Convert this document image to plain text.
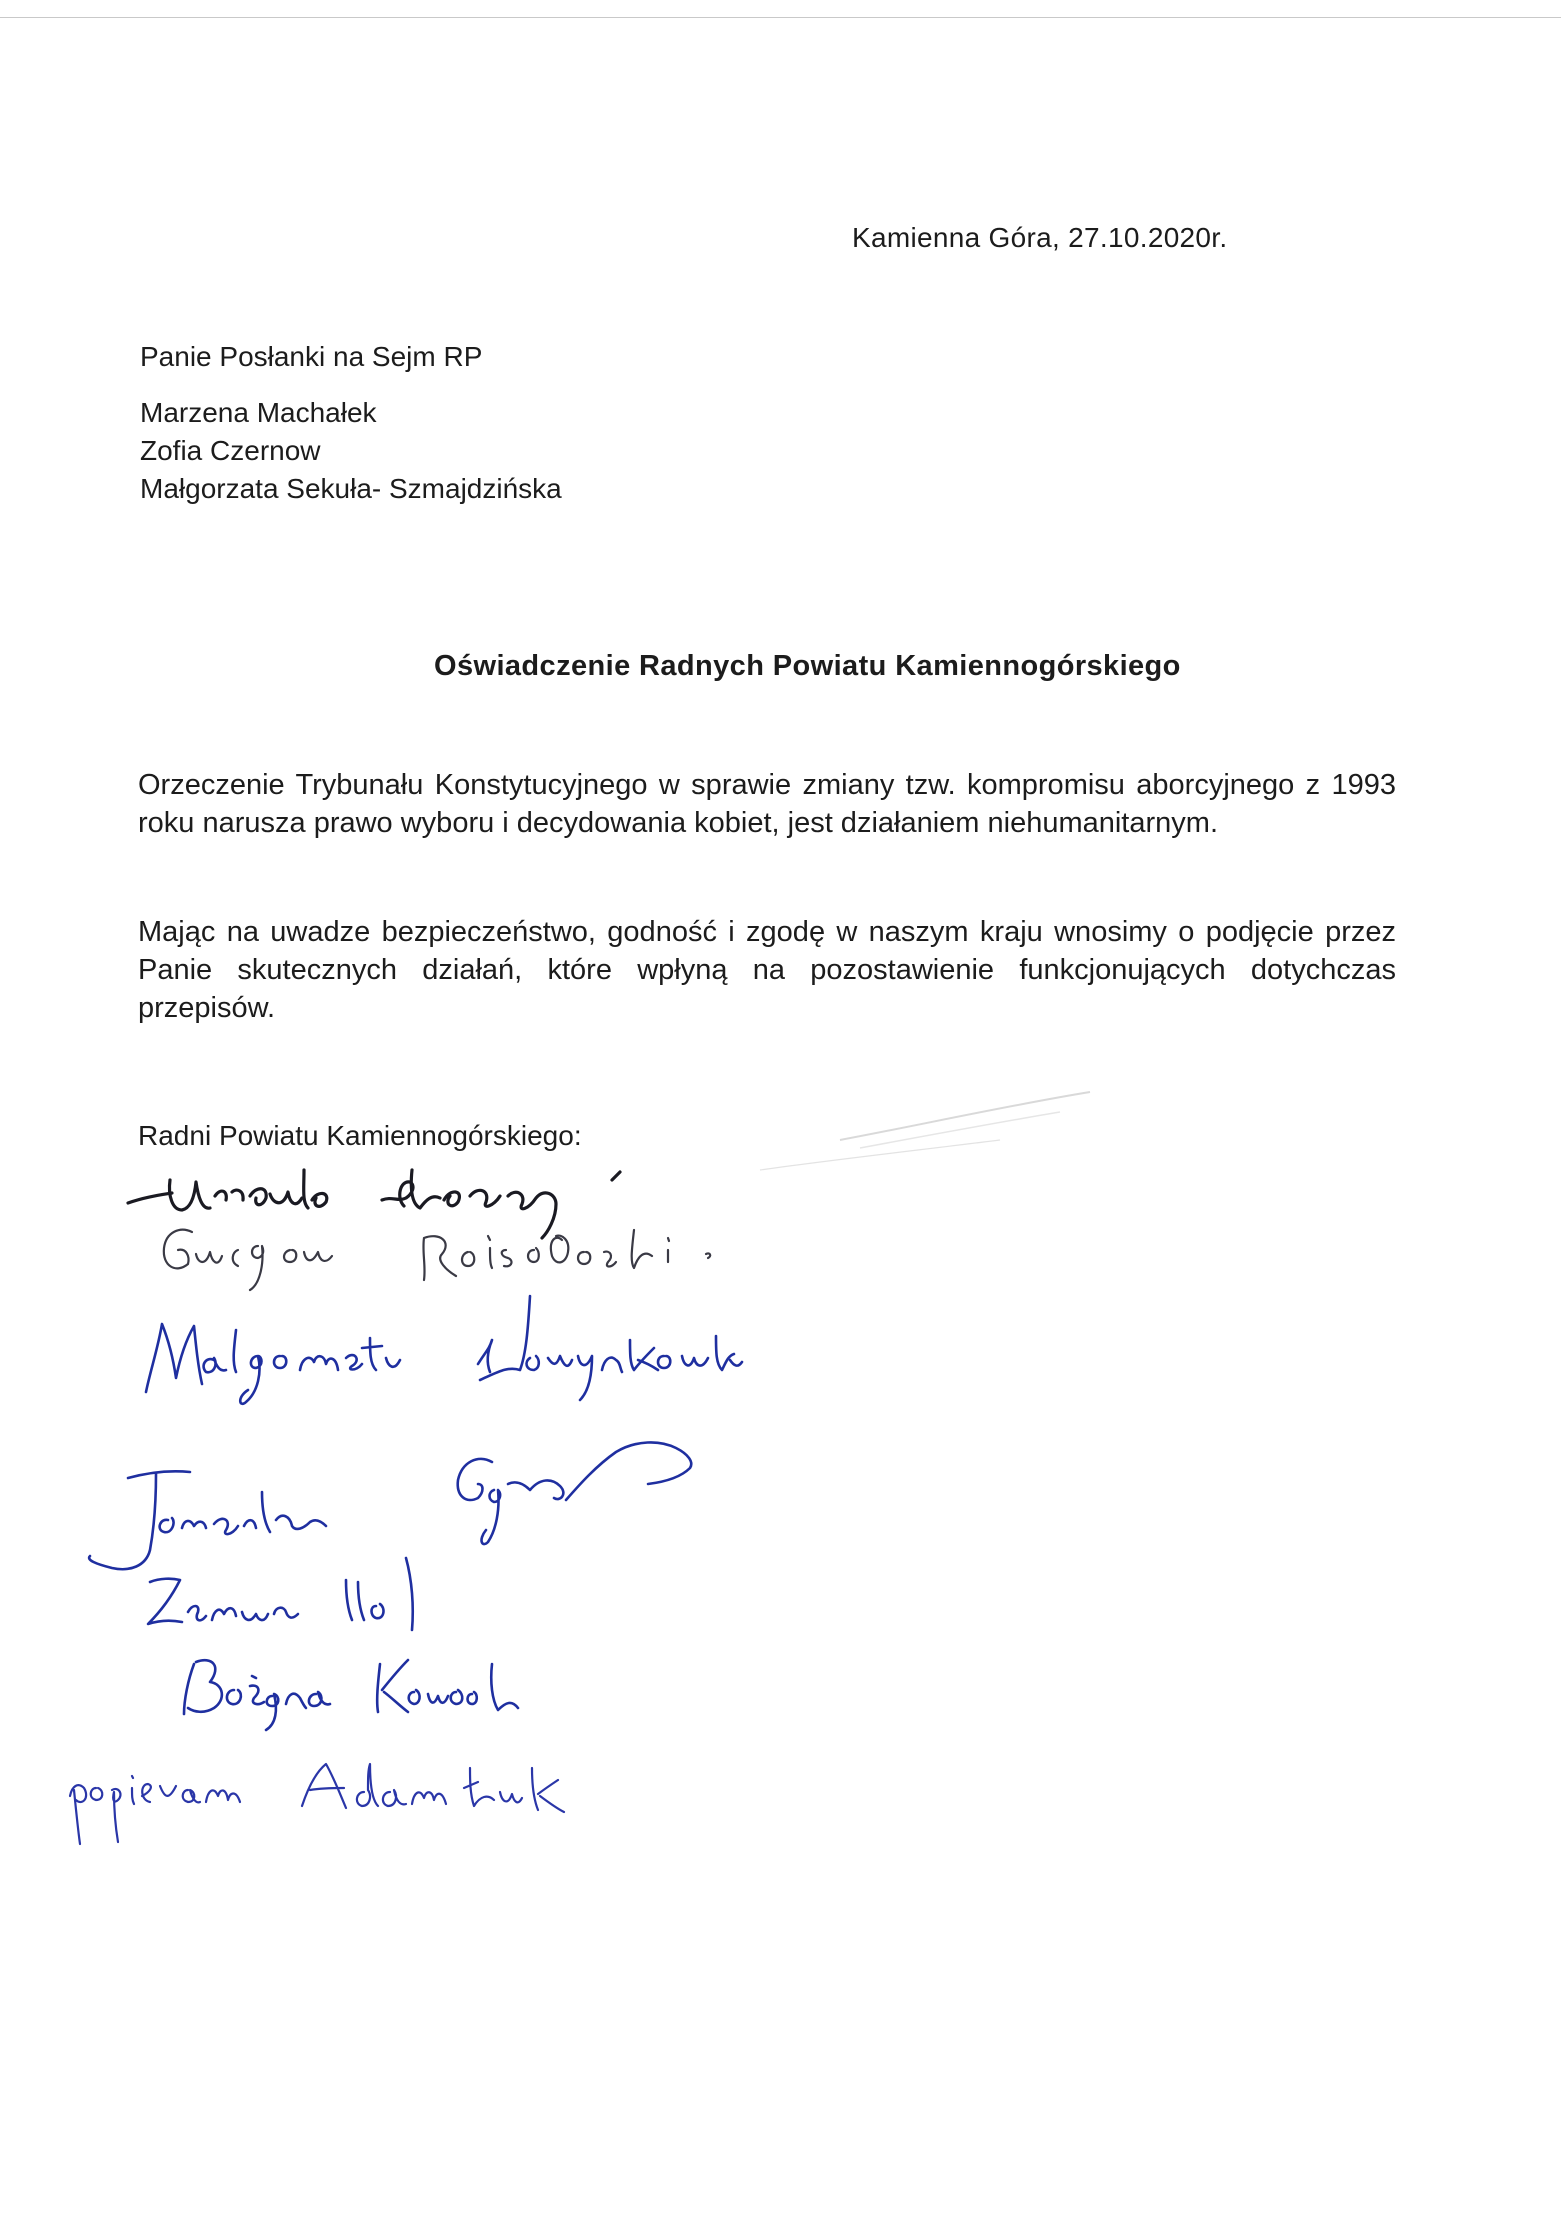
Kamienna Góra, 27.10.2020r.
Panie Posłanki na Sejm RP
Marzena Machałek
Zofia Czernow
Małgorzata Sekuła- Szmajdzińska
Oświadczenie Radnych Powiatu Kamiennogórskiego
Orzeczenie Trybunału Konstytucyjnego w sprawie zmiany tzw. kompromisu aborcyjnego z 1993 roku narusza prawo wyboru i decydowania kobiet, jest działaniem niehumanitarnym.
Mając na uwadze bezpieczeństwo, godność i zgodę w naszym kraju wnosimy o podjęcie przez Panie skutecznych działań, które wpłyną na pozostawienie funkcjonujących dotychczas przepisów.
Radni Powiatu Kamiennogórskiego:
